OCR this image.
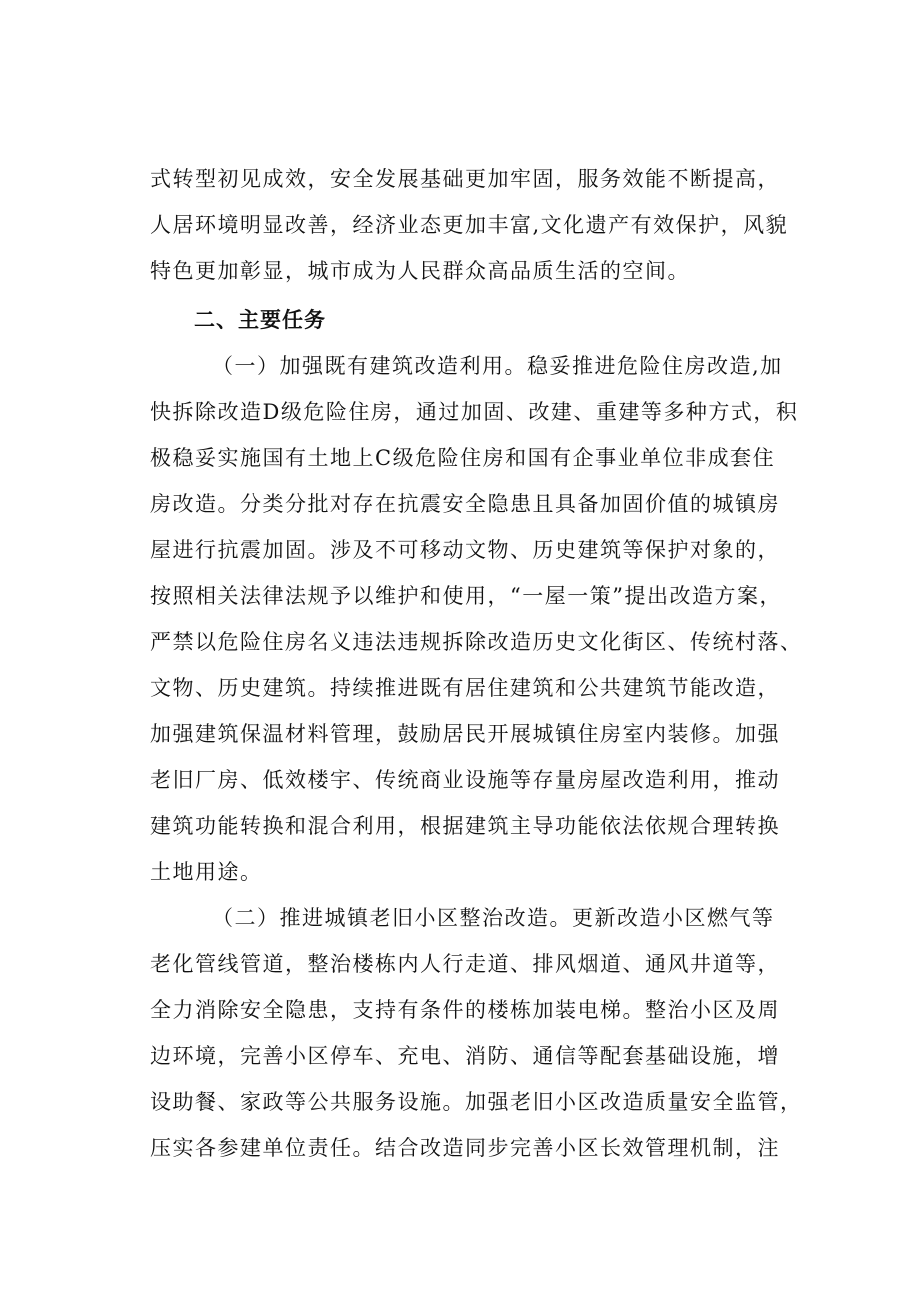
式转型初见成效，安全发展基础更加牢固，服务效能不断提高，
人居环境明显改善，经济业态更加丰富,文化遗产有效保护，风貌
特色更加彰显，城市成为人民群众高品质生活的空间。
二、主要任务
（一）加强既有建筑改造利用。稳妥推进危险住房改造,加
快拆除改造D级危险住房，通过加固、改建、重建等多种方式，积
极稳妥实施国有土地上C级危险住房和国有企事业单位非成套住
房改造。分类分批对存在抗震安全隐患且具备加固价值的城镇房
屋进行抗震加固。涉及不可移动文物、历史建筑等保护对象的，
按照相关法律法规予以维护和使用，“一屋一策”提出改造方案，
严禁以危险住房名义违法违规拆除改造历史文化街区、传统村落、
文物、历史建筑。持续推进既有居住建筑和公共建筑节能改造，
加强建筑保温材料管理，鼓励居民开展城镇住房室内装修。加强
老旧厂房、低效楼宇、传统商业设施等存量房屋改造利用，推动
建筑功能转换和混合利用，根据建筑主导功能依法依规合理转换
土地用途。
（二）推进城镇老旧小区整治改造。更新改造小区燃气等
老化管线管道，整治楼栋内人行走道、排风烟道、通风井道等，
全力消除安全隐患，支持有条件的楼栋加装电梯。整治小区及周
边环境，完善小区停车、充电、消防、通信等配套基础设施，增
设助餐、家政等公共服务设施。加强老旧小区改造质量安全监管，
压实各参建单位责任。结合改造同步完善小区长效管理机制，注
